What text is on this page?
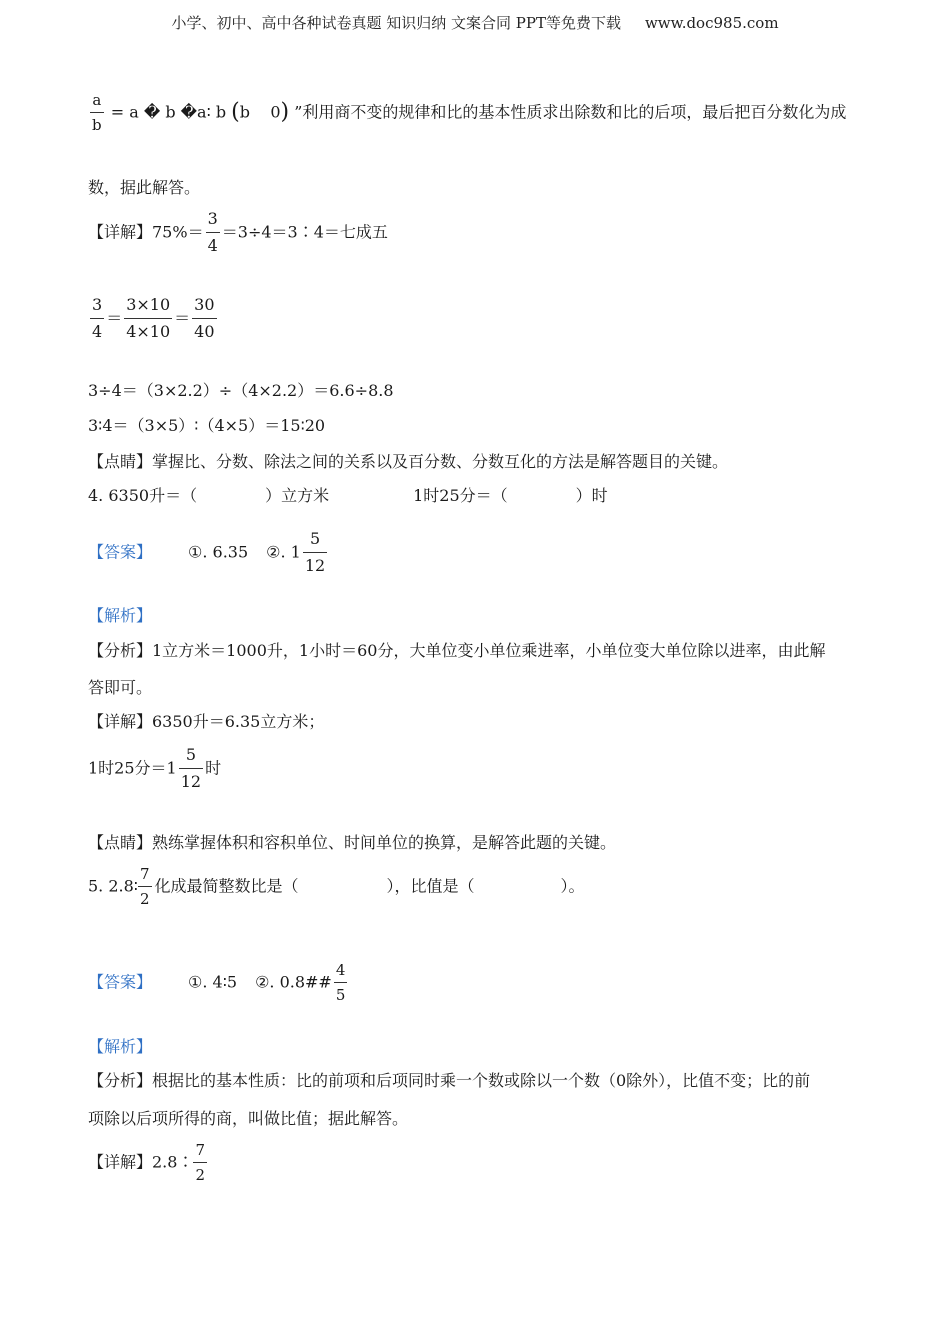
小学、初中、高中各种试卷真题 知识归纳 文案合同 PPT等免费下载 www.doc985.com
$\frac{a}{b} = a$ � b �a∶ b (b    0) ”利用商不变的规律和比的基本性质求出除数和比的后项，最后把百分数化为成
数，据此解答。
【详解】$75\%= \frac{3}{4}$ ＝3÷4＝3∶4＝七成五
$\frac{3}{4} = \frac{3\times 10}{4\times 10} = \frac{30}{40}$
3÷4＝（3×2.2）÷（4×2.2）＝6.6÷8.8
3∶4＝（3×5）∶（4×5）＝15∶20
【点睛】掌握比、分数、除法之间的关系以及百分数、分数互化的方法是解答题目的关键。
4. 6350升＝（	）立方米	1时25分＝（	）时
【答案】 ①. 6.35 ②. $1 \frac{5}{12}$
【解析】
【分析】1立方米＝1000升，1小时＝60分，大单位变小单位乘进率，小单位变大单位除以进率，由此解
答即可。
【详解】6350升＝6.35立方米；
1时25分$=1 \frac{5}{12}$ 时
【点睛】熟练掌握体积和容积单位、时间单位的换算，是解答此题的关键。
5. 2.8∶ $\frac{7}{2}$ 化成最简整数比是（	），比值是（	）。
【答案】 ①. 4∶5 ②. 0.8## $\frac{4}{5}$
【解析】
【分析】根据比的基本性质：比的前项和后项同时乘一个数或除以一个数（0除外），比值不变；比的前
项除以后项所得的商，叫做比值；据此解答。
【详解】2.8∶ $\frac{7}{2}$
